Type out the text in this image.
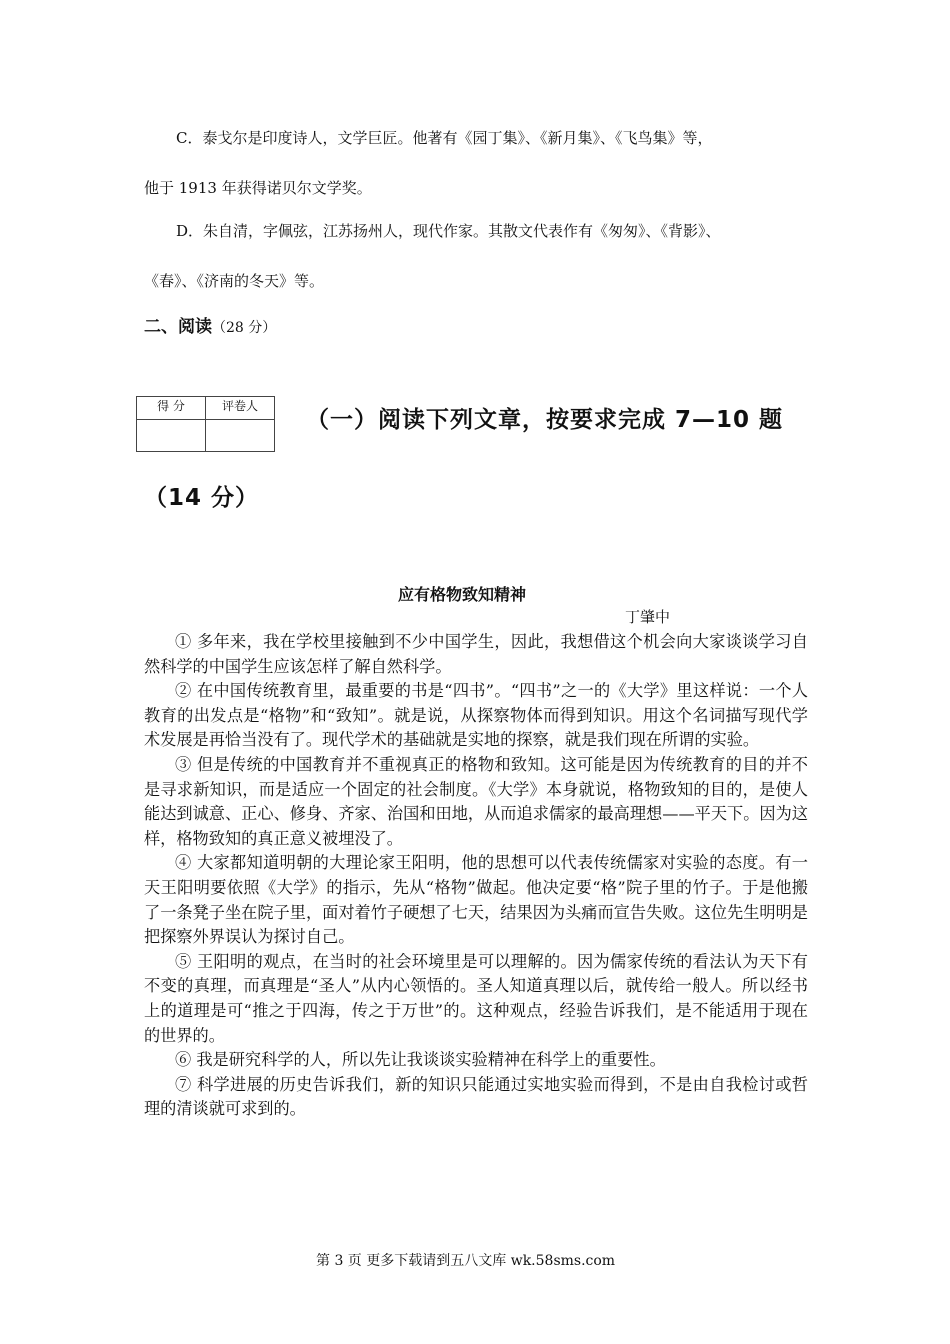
C．泰戈尔是印度诗人，文学巨匠。他著有《园丁集》、《新月集》、《飞鸟集》等，
他于 1913 年获得诺贝尔文学奖。
D．朱自清，字佩弦，江苏扬州人，现代作家。其散文代表作有《匆匆》、《背影》、
《春》、《济南的冬天》等。
二、阅读（28 分）
得 分	评卷人

（一）阅读下列文章，按要求完成 7—10 题
（14 分）
应有格物致知精神
丁肇中

① 多年来，我在学校里接触到不少中国学生，因此，我想借这个机会向大家谈谈学习自然科学的中国学生应该怎样了解自然科学。

② 在中国传统教育里，最重要的书是“四书”。“四书”之一的《大学》里这样说：一个人教育的出发点是“格物”和“致知”。就是说，从探察物体而得到知识。用这个名词描写现代学术发展是再恰当没有了。现代学术的基础就是实地的探察，就是我们现在所谓的实验。

③ 但是传统的中国教育并不重视真正的格物和致知。这可能是因为传统教育的目的并不是寻求新知识，而是适应一个固定的社会制度。《大学》本身就说，格物致知的目的，是使人能达到诚意、正心、修身、齐家、治国和田地，从而追求儒家的最高理想——平天下。因为这样，格物致知的真正意义被埋没了。

④ 大家都知道明朝的大理论家王阳明，他的思想可以代表传统儒家对实验的态度。有一天王阳明要依照《大学》的指示，先从“格物”做起。他决定要“格”院子里的竹子。于是他搬了一条凳子坐在院子里，面对着竹子硬想了七天，结果因为头痛而宣告失败。这位先生明明是把探察外界误认为探讨自己。

⑤ 王阳明的观点，在当时的社会环境里是可以理解的。因为儒家传统的看法认为天下有不变的真理，而真理是“圣人”从内心领悟的。圣人知道真理以后，就传给一般人。所以经书上的道理是可“推之于四海，传之于万世”的。这种观点，经验告诉我们，是不能适用于现在的世界的。

⑥ 我是研究科学的人，所以先让我谈谈实验精神在科学上的重要性。

⑦ 科学进展的历史告诉我们，新的知识只能通过实地实验而得到，不是由自我检讨或哲理的清谈就可求到的。

第 3 页 更多下载请到五八文库 wk.58sms.com
